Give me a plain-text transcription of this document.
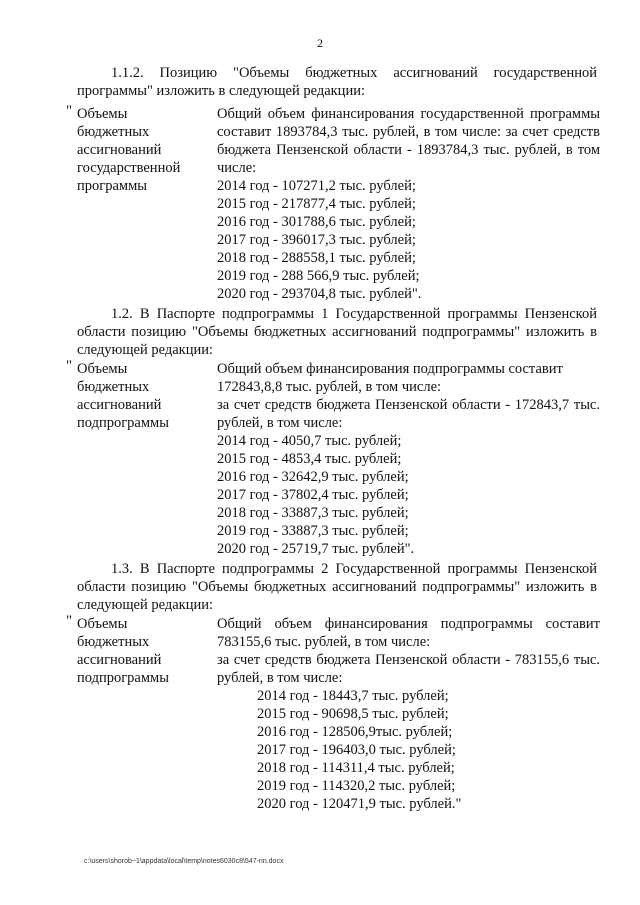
2

1.1.2. Позицию "Объемы бюджетных ассигнований государственной программы" изложить в следующей редакции:

" Объемы
бюджетных
ассигнований
государственной
программы

Общий объем финансирования государственной программы составит 1893784,3 тыс. рублей, в том числе: за счет средств бюджета Пензенской области - 1893784,3 тыс. рублей, в том числе:

2014 год - 107271,2 тыс. рублей;
2015 год - 217877,4 тыс. рублей;
2016 год - 301788,6 тыс. рублей;
2017 год - 396017,3 тыс. рублей;
2018 год - 288558,1 тыс. рублей;
2019 год - 288 566,9 тыс. рублей;
2020 год - 293704,8 тыс. рублей".

1.2. В Паспорте подпрограммы 1 Государственной программы Пензенской области позицию "Объемы бюджетных ассигнований подпрограммы" изложить в следующей редакции:

" Объемы
бюджетных
ассигнований
подпрограммы

Общий объем финансирования подпрограммы составит

172843,8,8 тыс. рублей, в том числе:

за счет средств бюджета Пензенской области - 172843,7 тыс. рублей, в том числе:

2014 год - 4050,7 тыс. рублей;
2015 год - 4853,4 тыс. рублей;
2016 год - 32642,9 тыс. рублей;
2017 год - 37802,4 тыс. рублей;
2018 год - 33887,3 тыс. рублей;
2019 год - 33887,3 тыс. рублей;
2020 год - 25719,7 тыс. рублей".

1.3. В Паспорте подпрограммы 2 Государственной программы Пензенской области позицию "Объемы бюджетных ассигнований подпрограммы" изложить в следующей редакции:

" Объемы
бюджетных
ассигнований
подпрограммы

Общий объем финансирования подпрограммы составит 783155,6 тыс. рублей, в том числе:

за счет средств бюджета Пензенской области - 783155,6 тыс. рублей, в том числе:

2014 год - 18443,7 тыс. рублей;
2015 год - 90698,5 тыс. рублей;
2016 год - 128506,9тыс. рублей;
2017 год - 196403,0 тыс. рублей;
2018 год - 114311,4 тыс. рублей;
2019 год - 114320,2 тыс. рублей;
2020 год - 120471,9 тыс. рублей."
c:\users\shorob~1\appdata\local\temp\notes6030c8\547-nn.docx
